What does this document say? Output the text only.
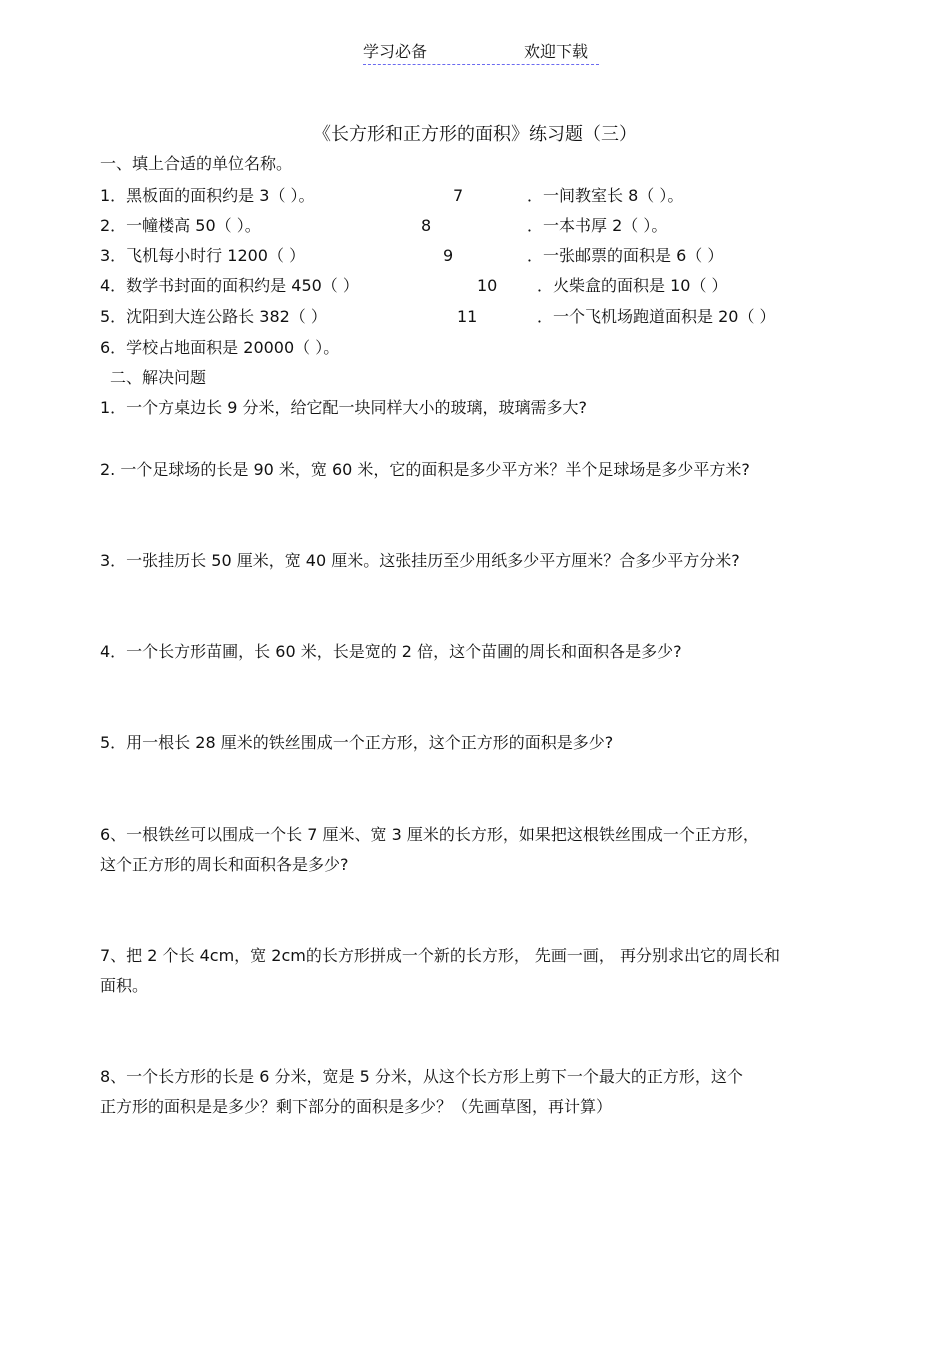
学习必备	欢迎下载
《长方形和正方形的面积》练习题（三）
一、填上合适的单位名称。
1．黑板面的面积约是 3（ ）。	7	．一间教室长 8（ ）。
2．一幢楼高 50（ ）。	8	．一本书厚 2（ ）。
3．飞机每小时行 1200（ ）	9	．一张邮票的面积是 6（ ）
4．数学书封面的面积约是 450（ ）	10 ．火柴盒的面积是 10（ ）
5．沈阳到大连公路长 382（ ）	11	．一个飞机场跑道面积是 20（ ）
6．学校占地面积是 20000（ ）。
二、解决问题
1．一个方桌边长 9 分米，给它配一块同样大小的玻璃，玻璃需多大?
2. 一个足球场的长是 90 米，宽 60 米，它的面积是多少平方米？半个足球场是多少平方米?
3．一张挂历长 50 厘米，宽 40 厘米。这张挂历至少用纸多少平方厘米？合多少平方分米?
4．一个长方形苗圃，长 60 米，长是宽的 2 倍，这个苗圃的周长和面积各是多少?
5．用一根长 28 厘米的铁丝围成一个正方形，这个正方形的面积是多少?
6、一根铁丝可以围成一个长 7 厘米、宽 3 厘米的长方形，如果把这根铁丝围成一个正方形，
这个正方形的周长和面积各是多少?
7、把 2 个长 4cm，宽 2cm的长方形拼成一个新的长方形， 先画一画， 再分别求出它的周长和
面积。
8、一个长方形的长是 6 分米，宽是 5 分米，从这个长方形上剪下一个最大的正方形，这个
正方形的面积是是多少？剩下部分的面积是多少？（先画草图，再计算）
